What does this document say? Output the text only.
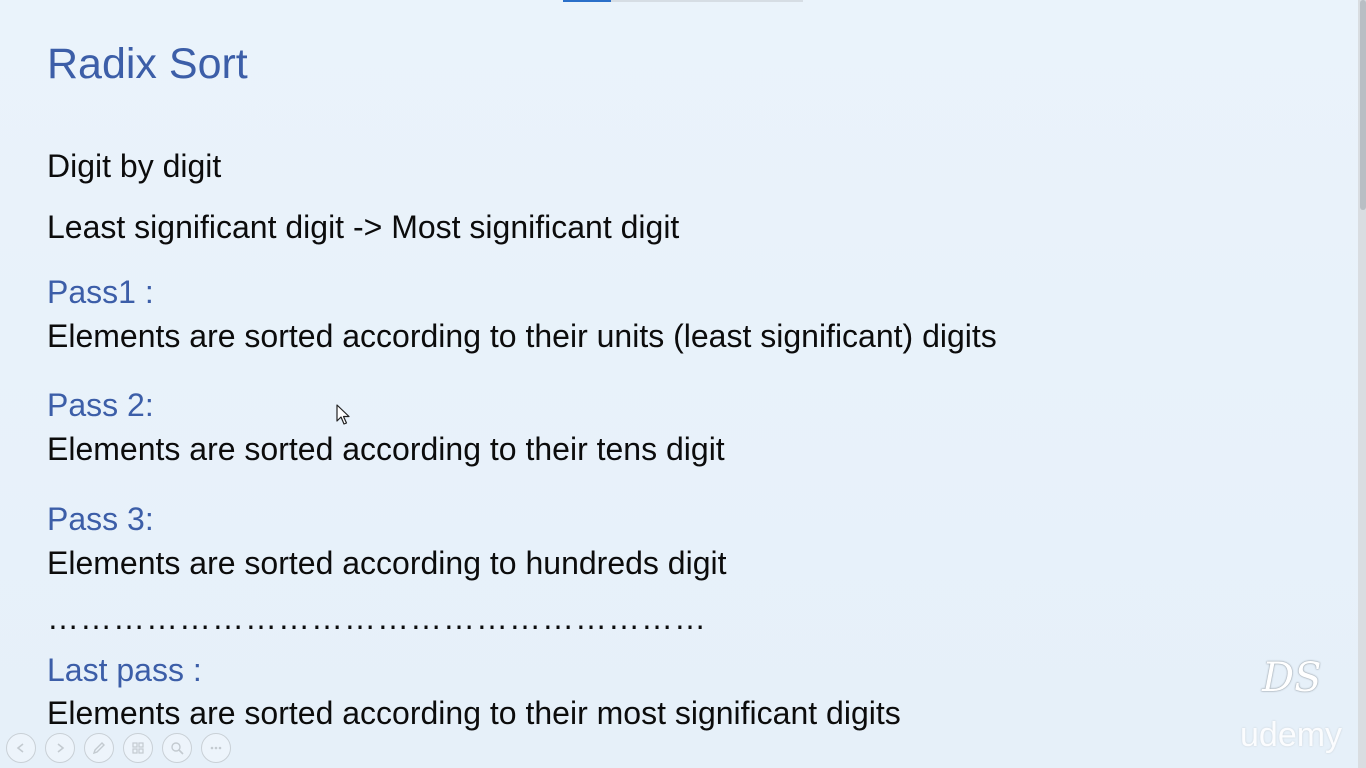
Radix Sort

Digit by digit

Least significant digit -> Most significant digit

Pass1 :

Elements are sorted according to their units (least significant) digits

Pass 2:

Elements are sorted according to their tens digit

Pass 3:

Elements are sorted according to hundreds digit

……………………………………………………

Last pass :

Elements are sorted according to their most significant digits

DS
udemy
